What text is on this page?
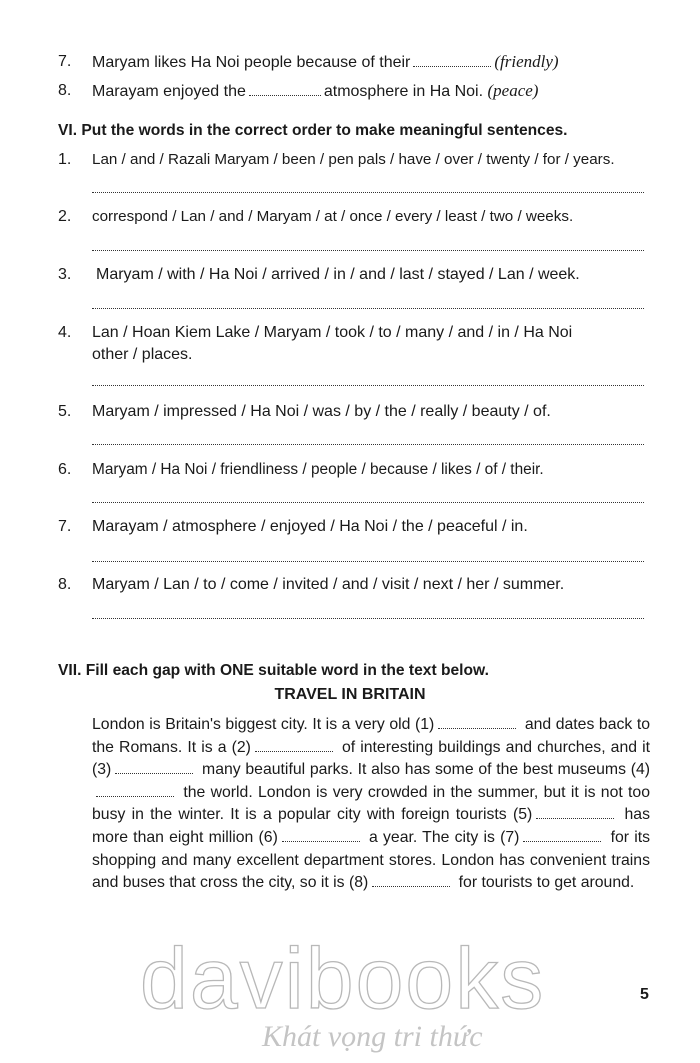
7.	Maryam likes Ha Noi people because of their	(friendly)
8.	Marayam enjoyed the	atmosphere in Ha Noi. (peace)
VI. Put the words in the correct order to make meaningful sentences.
1.	Lan / and / Razali Maryam / been / pen pals / have / over / twenty / for / years.
2.	correspond / Lan / and / Maryam / at / once / every / least / two / weeks.
3.	Maryam / with / Ha Noi / arrived / in / and / last / stayed / Lan / week.
4.	Lan / Hoan Kiem Lake / Maryam / took / to / many / and / in / Ha Noi
other / places.
5.	Maryam / impressed / Ha Noi / was / by / the / really / beauty / of.
6.	Maryam / Ha Noi / friendliness / people / because / likes / of / their.
7.	Marayam / atmosphere / enjoyed / Ha Noi / the / peaceful / in.
8.	Maryam / Lan / to / come / invited / and / visit / next / her / summer.
VII. Fill each gap with ONE suitable word in the text below.
TRAVEL IN BRITAIN
London is Britain's biggest city. It is a very old (1)	and dates back to the Romans. It is a (2)	of interesting buildings and churches, and it (3)	many beautiful parks. It also has some of the best museums (4) the world. London is very crowded in the summer, but it is not too busy in the winter. It is a popular city with foreign tourists (5)	has more than eight million (6)	a year. The city is (7)	for its shopping and many excellent department stores. London has convenient trains and buses that cross the city, so it is (8)	for tourists to get around.
davibooks
Khát vọng tri thức
5
